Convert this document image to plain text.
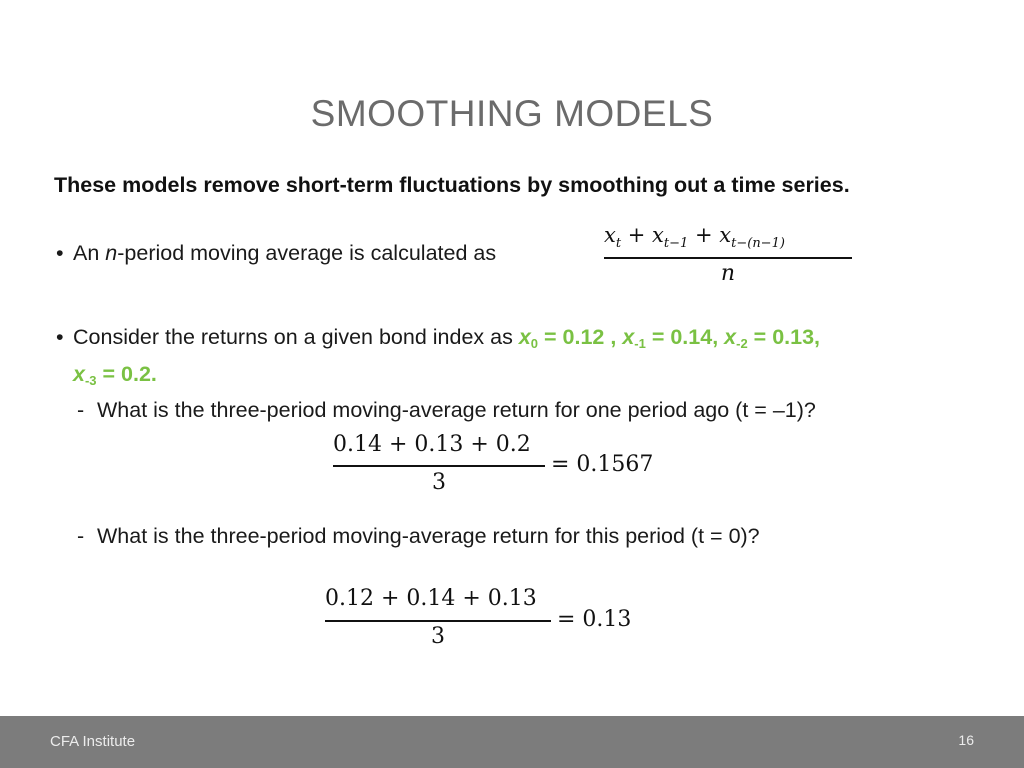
SMOOTHING MODELS
These models remove short-term fluctuations by smoothing out a time series.
• An n-period moving average is calculated as
$x_t + x_{t-1} + x_{t-(n-1)}$
n
• Consider the returns on a given bond index as $x_0 = 0.12$ , $x_{-1} = 0.14$, $x_{-2} = 0.13$,
$x_{-3} = 0.2$.
- What is the three-period moving-average return for one period ago (t = –1)?
0.14 + 0.13 + 0.2
3
= 0.1567
- What is the three-period moving-average return for this period (t = 0)?
0.12 + 0.14 + 0.13
3
= 0.13
CFA Institute	16
